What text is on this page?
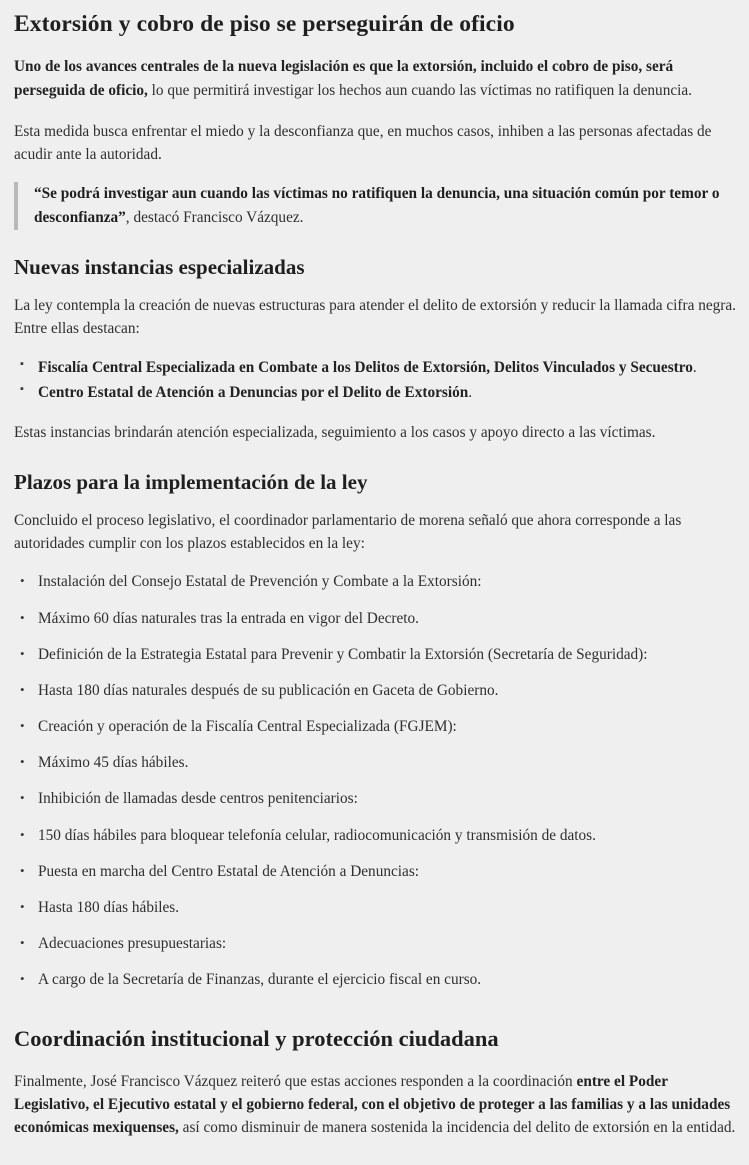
Extorsión y cobro de piso se perseguirán de oficio

Uno de los avances centrales de la nueva legislación es que la extorsión, incluido el cobro de piso, será perseguida de oficio, lo que permitirá investigar los hechos aun cuando las víctimas no ratifiquen la denuncia.

Esta medida busca enfrentar el miedo y la desconfianza que, en muchos casos, inhiben a las personas afectadas de acudir ante la autoridad.

“Se podrá investigar aun cuando las víctimas no ratifiquen la denuncia, una situación común por temor o desconfianza”, destacó Francisco Vázquez.
Nuevas instancias especializadas

La ley contempla la creación de nuevas estructuras para atender el delito de extorsión y reducir la llamada cifra negra. Entre ellas destacan:

▪ Fiscalía Central Especializada en Combate a los Delitos de Extorsión, Delitos Vinculados y Secuestro.
▪ Centro Estatal de Atención a Denuncias por el Delito de Extorsión.

Estas instancias brindarán atención especializada, seguimiento a los casos y apoyo directo a las víctimas.

Plazos para la implementación de la ley

Concluido el proceso legislativo, el coordinador parlamentario de morena señaló que ahora corresponde a las autoridades cumplir con los plazos establecidos en la ley:

• Instalación del Consejo Estatal de Prevención y Combate a la Extorsión:
• Máximo 60 días naturales tras la entrada en vigor del Decreto.
• Definición de la Estrategia Estatal para Prevenir y Combatir la Extorsión (Secretaría de Seguridad):
• Hasta 180 días naturales después de su publicación en Gaceta de Gobierno.
• Creación y operación de la Fiscalía Central Especializada (FGJEM):
• Máximo 45 días hábiles.
• Inhibición de llamadas desde centros penitenciarios:
• 150 días hábiles para bloquear telefonía celular, radiocomunicación y transmisión de datos.
• Puesta en marcha del Centro Estatal de Atención a Denuncias:
• Hasta 180 días hábiles.
• Adecuaciones presupuestarias:
• A cargo de la Secretaría de Finanzas, durante el ejercicio fiscal en curso.
Coordinación institucional y protección ciudadana

Finalmente, José Francisco Vázquez reiteró que estas acciones responden a la coordinación entre el Poder Legislativo, el Ejecutivo estatal y el gobierno federal, con el objetivo de proteger a las familias y a las unidades económicas mexiquenses, así como disminuir de manera sostenida la incidencia del delito de extorsión en la entidad.
